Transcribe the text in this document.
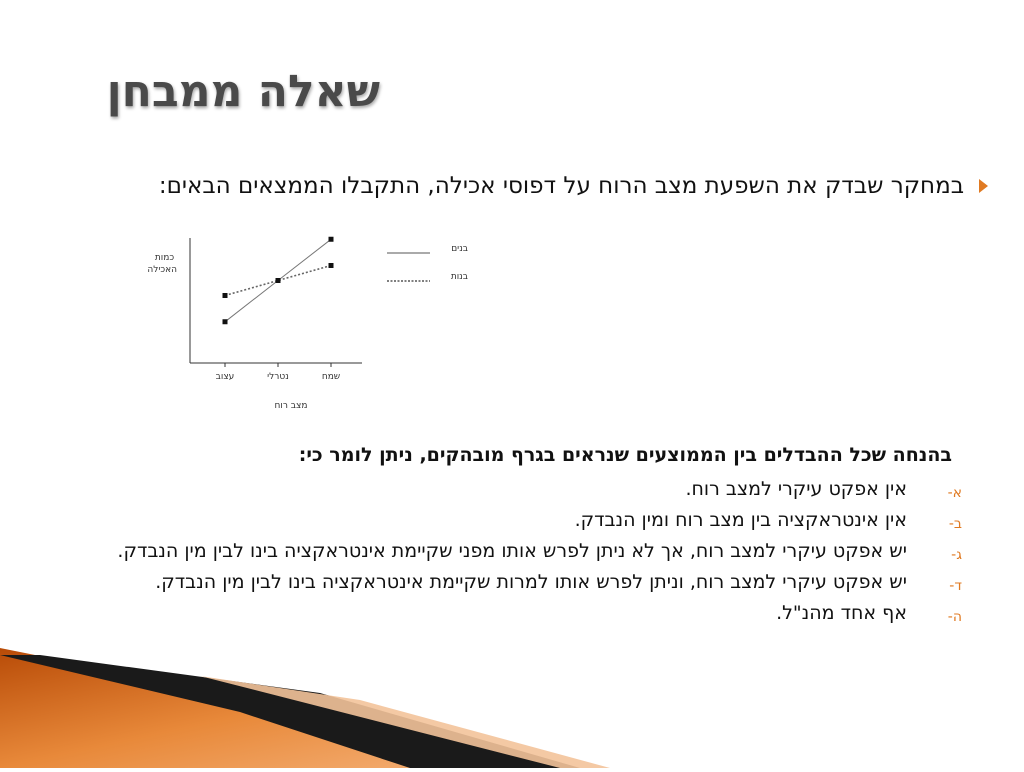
שאלה ממבחן
במחקר שבדק את השפעת מצב הרוח על דפוסי אכילה, התקבלו הממצאים הבאים:
כמות האכילה
עצוב	נטרלי	שמח
מצב רוח
בנים
בנות
בהנחה שכל ההבדלים בין הממוצעים שנראים בגרף מובהקים, ניתן לומר כי:
א-
אין אפקט עיקרי למצב רוח.
ב-
אין אינטראקציה בין מצב רוח ומין הנבדק.
ג-
יש אפקט עיקרי למצב רוח, אך לא ניתן לפרש אותו מפני שקיימת אינטראקציה בינו לבין מין הנבדק.
ד-
יש אפקט עיקרי למצב רוח, וניתן לפרש אותו למרות שקיימת אינטראקציה בינו לבין מין הנבדק.
ה-
אף אחד מהנ"ל.
